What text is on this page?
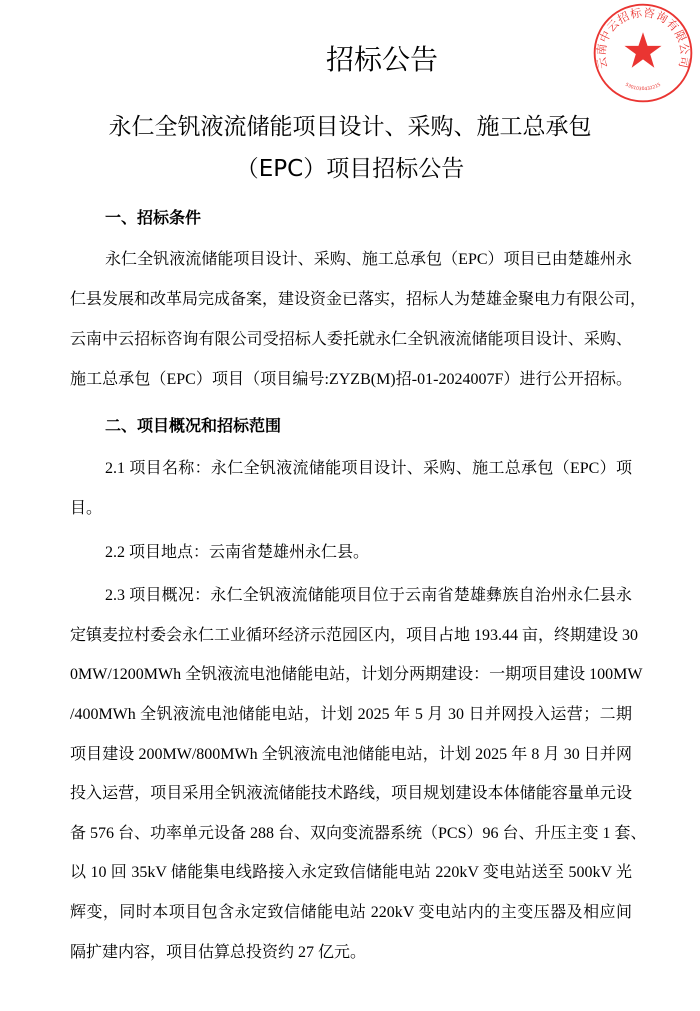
招标公告
永仁全钒液流储能项目设计、采购、施工总承包
（EPC）项目招标公告
一、招标条件
永仁全钒液流储能项目设计、采购、施工总承包（EPC）项目已由楚雄州永
仁县发展和改革局完成备案，建设资金已落实，招标人为楚雄金聚电力有限公司，
云南中云招标咨询有限公司受招标人委托就永仁全钒液流储能项目设计、采购、
施工总承包（EPC）项目（项目编号:ZYZB(M)招-01-2024007F）进行公开招标。
二、项目概况和招标范围
2.1 项目名称：永仁全钒液流储能项目设计、采购、施工总承包（EPC）项
目。
2.2 项目地点：云南省楚雄州永仁县。
2.3 项目概况：永仁全钒液流储能项目位于云南省楚雄彝族自治州永仁县永
定镇麦拉村委会永仁工业循环经济示范园区内，项目占地 193.44 亩，终期建设 30
0MW/1200MWh 全钒液流电池储能电站，计划分两期建设：一期项目建设 100MW
/400MWh 全钒液流电池储能电站，计划 2025 年 5 月 30 日并网投入运营；二期
项目建设 200MW/800MWh 全钒液流电池储能电站，计划 2025 年 8 月 30 日并网
投入运营，项目采用全钒液流储能技术路线，项目规划建设本体储能容量单元设
备 576 台、功率单元设备 288 台、双向变流器系统（PCS）96 台、升压主变 1 套、
以 10 回 35kV 储能集电线路接入永定致信储能电站 220kV 变电站送至 500kV 光
辉变，同时本项目包含永定致信储能电站 220kV 变电站内的主变压器及相应间
隔扩建内容，项目估算总投资约 27 亿元。
云南中云招标咨询有限公司
5301030432215
